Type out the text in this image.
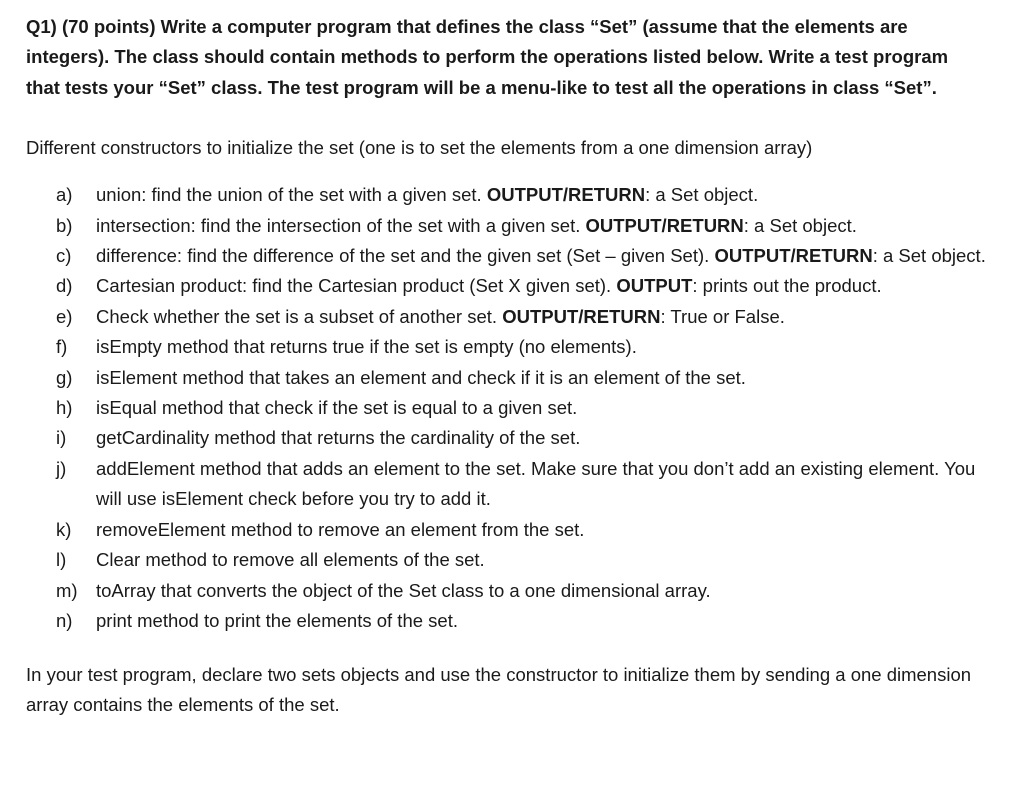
Q1) (70 points) Write a computer program that defines the class “Set” (assume that the elements are integers). The class should contain methods to perform the operations listed below. Write a test program that tests your “Set” class. The test program will be a menu-like to test all the operations in class “Set”.

Different constructors to initialize the set (one is to set the elements from a one dimension array)

a) union: find the union of the set with a given set. OUTPUT/RETURN: a Set object.
b) intersection: find the intersection of the set with a given set. OUTPUT/RETURN: a Set object.
c) difference: find the difference of the set and the given set (Set – given Set). OUTPUT/RETURN: a Set object.
d) Cartesian product: find the Cartesian product (Set X given set). OUTPUT: prints out the product.
e) Check whether the set is a subset of another set. OUTPUT/RETURN: True or False.
f) isEmpty method that returns true if the set is empty (no elements).
g) isElement method that takes an element and check if it is an element of the set.
h) isEqual method that check if the set is equal to a given set.
i) getCardinality method that returns the cardinality of the set.
j) addElement method that adds an element to the set. Make sure that you don’t add an existing element. You will use isElement check before you try to add it.
k) removeElement method to remove an element from the set.
l) Clear method to remove all elements of the set.
m) toArray that converts the object of the Set class to a one dimensional array.
n) print method to print the elements of the set.

In your test program, declare two sets objects and use the constructor to initialize them by sending a one dimension array contains the elements of the set.
